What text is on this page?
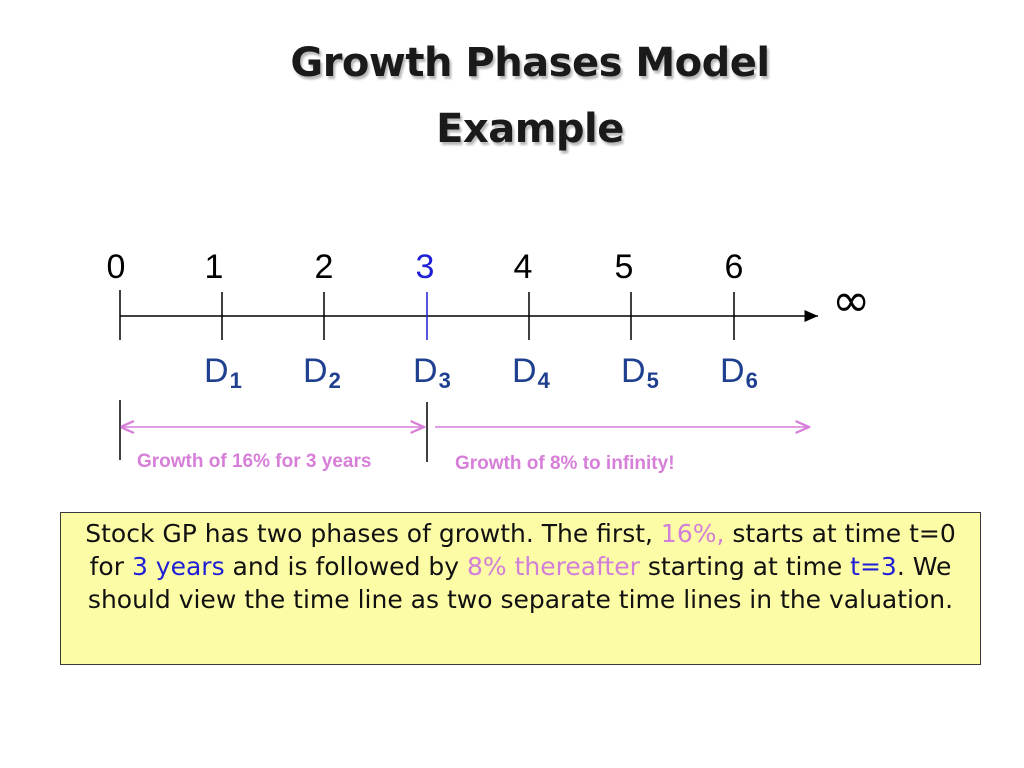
Growth Phases Model
Example
0	1	2	3	4	5	6
∞
$D_1$ $D_2$ $D_3$ $D_4$ $D_5$ $D_6$
Growth of 16% for 3 years	Growth of 8% to infinity!
Stock GP has two phases of growth. The first, 16%, starts at time t=0 for 3 years and is followed by 8% thereafter starting at time t=3. We should view the time line as two separate time lines in the valuation.
